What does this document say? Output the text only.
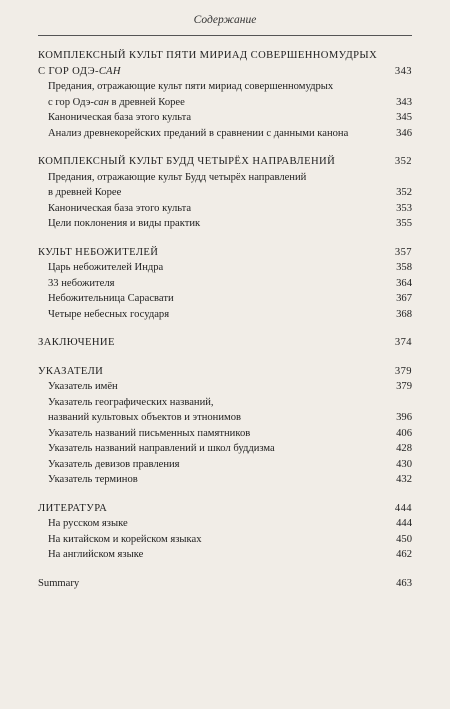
Содержание
КОМПЛЕКСНЫЙ КУЛЬТ ПЯТИ МИРИАД СОВЕРШЕННОМУДРЫХ
С ГОР ОДЭ-САН	343
Предания, отражающие культ пяти мириад совершенномудрых
с гор Одэ-сан в древней Корее	343
Каноническая база этого культа	345
Анализ древнекорейских преданий в сравнении с данными канона	346
КОМПЛЕКСНЫЙ КУЛЬТ БУДД ЧЕТЫРЁХ НАПРАВЛЕНИЙ	352
Предания, отражающие культ Будд четырёх направлений
в древней Корее	352
Каноническая база этого культа	353
Цели поклонения и виды практик	355
КУЛЬТ НЕБОЖИТЕЛЕЙ	357
Царь небожителей Индра	358
33 небожителя	364
Небожительница Сарасвати	367
Четыре небесных государя	368
ЗАКЛЮЧЕНИЕ	374
УКАЗАТЕЛИ	379
Указатель имён	379
Указатель географических названий,
названий культовых объектов и этнонимов	396
Указатель названий письменных памятников	406
Указатель названий направлений и школ буддизма	428
Указатель девизов правления	430
Указатель терминов	432
ЛИТЕРАТУРА	444
На русском языке	444
На китайском и корейском языках	450
На английском языке	462
Summary	463
